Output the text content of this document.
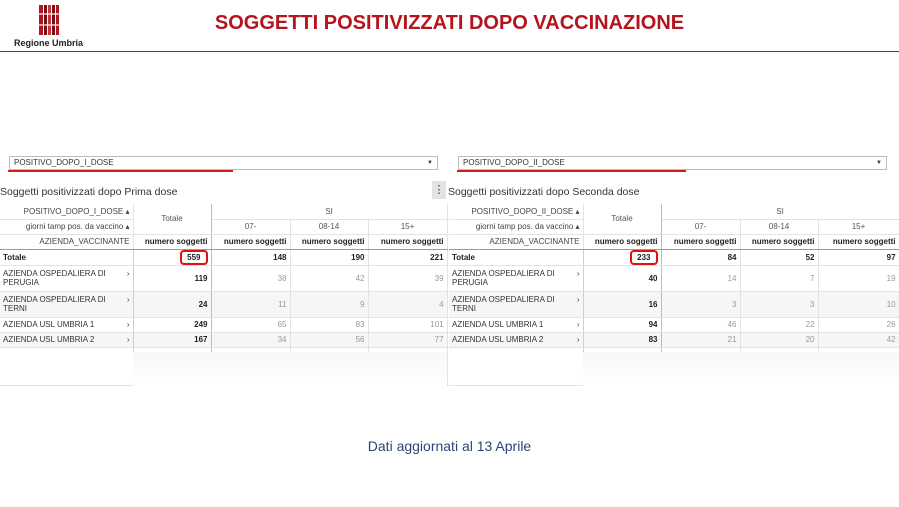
Regione Umbria
SOGGETTI POSITIVIZZATI DOPO VACCINAZIONE
POSITIVO_DOPO_I_DOSE	▼	POSITIVO_DOPO_II_DOSE	▼
Soggetti positivizzati dopo Prima dose	⋮ Soggetti positivizzati dopo Seconda dose
POSITIVO_DOPO_I_DOSE ▴	Totale	SI		
giorni tamp pos. da vaccino ▴		07-	08-14	15+
AZIENDA_VACCINANTE	numero soggetti	numero soggetti	numero soggetti	numero soggetti
Totale	559	148	190	221

›
AZIENDA OSPEDALIERA DI PERUGIA	119	38	42	39

›
AZIENDA OSPEDALIERA DI TERNI	24	11	9	4

›
AZIENDA USL UMBRIA 1	249	65	83	101

›
AZIENDA USL UMBRIA 2	167	34	56	77

POSITIVO_DOPO_II_DOSE ▴	Totale	SI		
giorni tamp pos. da vaccino ▴		07-	08-14	15+
AZIENDA_VACCINANTE	numero soggetti	numero soggetti	numero soggetti	numero soggetti
Totale	233	84	52	97

›
AZIENDA OSPEDALIERA DI PERUGIA	40	14	7	19

›
AZIENDA OSPEDALIERA DI TERNI	16	3	3	10

›
AZIENDA USL UMBRIA 1	94	46	22	26

›
AZIENDA USL UMBRIA 2	83	21	20	42

Dati aggiornati al 13 Aprile
